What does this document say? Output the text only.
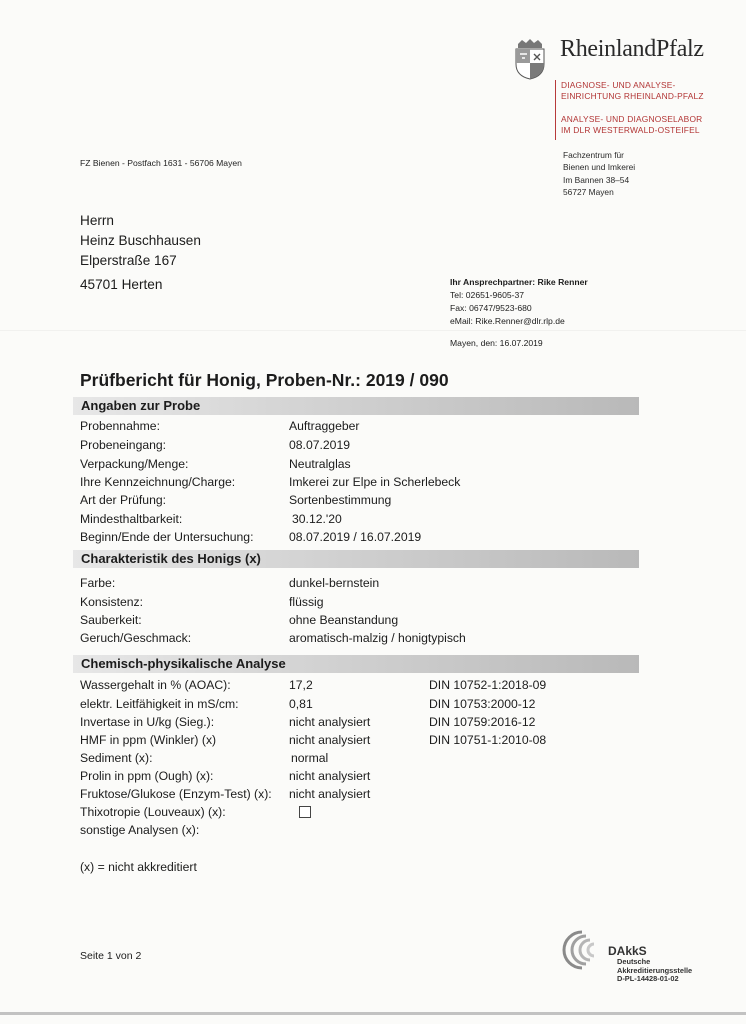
RheinlandPfalz
DIAGNOSE- UND ANALYSE-
EINRICHTUNG RHEINLAND-PFALZ
ANALYSE- UND DIAGNOSELABOR
IM DLR WESTERWALD-OSTEIFEL
Fachzentrum für
Bienen und Imkerei
Im Bannen 38–54
56727 Mayen
FZ Bienen - Postfach 1631 - 56706 Mayen
Herrn
Heinz Buschhausen
Elperstraße 167
45701 Herten	Ihr Ansprechpartner: Rike Renner
Tel: 02651-9605-37
Fax: 06747/9523-680
eMail: Rike.Renner@dlr.rlp.de
Mayen, den: 16.07.2019
Prüfbericht für Honig, Proben-Nr.: 2019 / 090
Angaben zur Probe
Probennahme:	Auftraggeber
Probeneingang:	08.07.2019
Verpackung/Menge:	Neutralglas
Ihre Kennzeichnung/Charge:	Imkerei zur Elpe in Scherlebeck
Art der Prüfung:	Sortenbestimmung
Mindesthaltbarkeit:	30.12.'20
Beginn/Ende der Untersuchung:	08.07.2019 / 16.07.2019
Charakteristik des Honigs (x)
Farbe:	dunkel-bernstein
Konsistenz:	flüssig
Sauberkeit:	ohne Beanstandung
Geruch/Geschmack:	aromatisch-malzig / honigtypisch
Chemisch-physikalische Analyse
Wassergehalt in % (AOAC):	17,2	DIN 10752-1:2018-09
elektr. Leitfähigkeit in mS/cm:	0,81	DIN 10753:2000-12
Invertase in U/kg (Sieg.):	nicht analysiert	DIN 10759:2016-12
HMF in ppm (Winkler) (x)	nicht analysiert	DIN 10751-1:2010-08
Sediment (x):	normal
Prolin in ppm (Ough) (x):	nicht analysiert
Fruktose/Glukose (Enzym-Test) (x): nicht analysiert
Thixotropie (Louveaux) (x):
sonstige Analysen (x):
(x) = nicht akkreditiert
Seite 1 von 2	DAkkS
Deutsche
Akkreditierungsstelle
D-PL-14428-01-02
